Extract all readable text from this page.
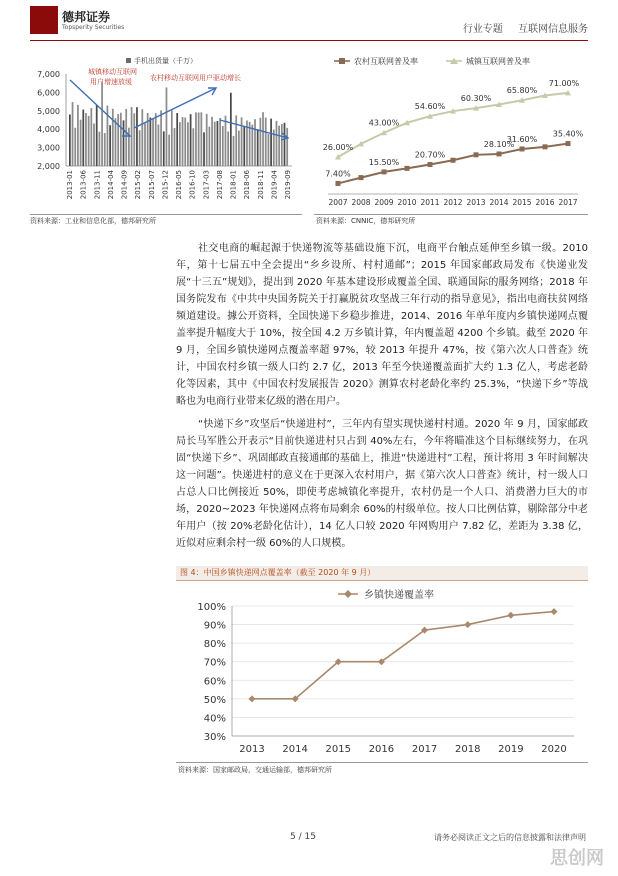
德邦证券
Topsperity Securities	行业专题 互联网信息服务
手机出货量（千万）
7,000
6,000
5,000
4,000
3,000
2,000
城镇移动互联网
用户增速放缓	农村移动互联网用户驱动增长
2013-01 2013-06 2013-11 2014-04 2014-09 2015-02 2015-07 2015-12 2016-05 2016-10 2017-03 2017-08 2018-01 2018-06 2018-11 2019-04 2019-09
资料来源：工业和信息化部，德邦研究所
农村互联网普及率	城镇互联网普及率
7.40%
15.50%
20.70%
28.10%
31.60%
35.40%
26.00%
43.00%
54.60%
60.30%
65.80%
71.00%
2007 2008 2009 2010 2011 2012 2013 2014 2015 2016 2017
资料来源：CNNIC，德邦研究所

社交电商的崛起源于快递物流等基础设施下沉，电商平台触点延伸至乡镇一级。2010 年，第十七届五中全会提出“乡乡设所、村村通邮”；2015 年国家邮政局发布《快递业发展“十三五”规划》，提出到 2020 年基本建设形成覆盖全国、联通国际的服务网络；2018 年国务院发布《中共中央国务院关于打赢脱贫攻坚战三年行动的指导意见》，指出电商扶贫网络频道建设。據公开资料，全国快递下乡稳步推进，2014、2016 年单年度内乡镇快递网点覆盖率提升幅度大于 10%，按全国 4.2 万乡镇计算，年内覆盖超 4200 个乡镇。截至 2020 年 9 月，全国乡镇快递网点覆盖率超 97%，较 2013 年提升 47%，按《第六次人口普查》统计，中国农村乡镇一级人口约 2.7 亿，2013 年至今快递覆盖面扩大约 1.3 亿人，考虑老龄化等因素，其中《中国农村发展报告 2020》测算农村老龄化率约 25.3%，“快递下乡”等战略也为电商行业带来亿级的潜在用户。

“快递下乡”攻坚后“快递进村”，三年内有望实现快递村村通。2020 年 9 月，国家邮政局长马军胜公开表示“目前快递进村只占到 40%左右，今年将瞄准这个目标继续努力，在巩固“快递下乡”、巩固邮政直接通邮的基础上，推进“快递进村”工程，预计将用 3 年时间解决这一问题”。快递进村的意义在于更深入农村用户，据《第六次人口普查》统计，村一级人口占总人口比例接近 50%，即使考虑城镇化率提升，农村仍是一个人口、消费潜力巨大的市场，2020~2023 年快递网点将布局剩余 60%的村级单位。按人口比例估算，剔除部分中老年用户（按 20%老龄化估计），14 亿人口较 2020 年网购用户 7.82 亿，差距为 3.38 亿，近似对应剩余村一级 60%的人口规模。

图 4：中国乡镇快递网点覆盖率（截至 2020 年 9 月）
100%
90%
80%
70%
60%
50%
40%
30%
乡镇快递覆盖率
2013 2014 2015 2016 2017 2018 2019 2020
资料来源：国家邮政局，交通运输部，德邦研究所
5 / 15	请务必阅读正文之后的信息披露和法律声明
思创网
